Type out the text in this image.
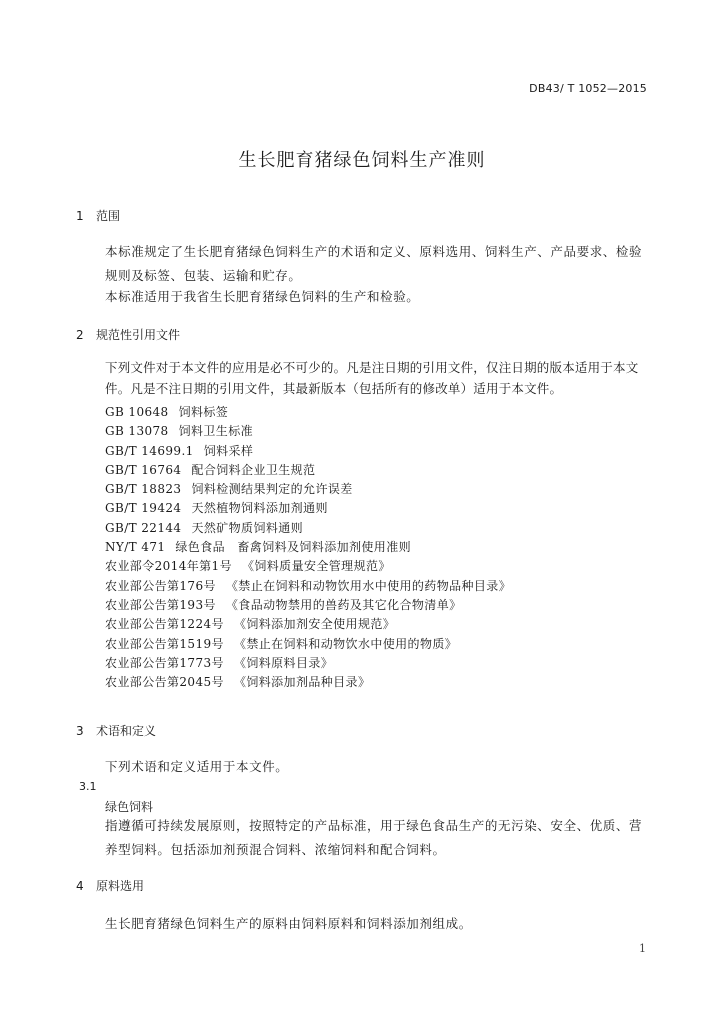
DB43/ T 1052—2015
生长肥育猪绿色饲料生产准则
1 范围
本标准规定了生长肥育猪绿色饲料生产的术语和定义、原料选用、饲料生产、产品要求、检验规则及标签、包装、运输和贮存。
本标准适用于我省生长肥育猪绿色饲料的生产和检验。
2 规范性引用文件
下列文件对于本文件的应用是必不可少的。凡是注日期的引用文件，仅注日期的版本适用于本文件。凡是不注日期的引用文件，其最新版本（包括所有的修改单）适用于本文件。
GB 10648 饲料标签
GB 13078 饲料卫生标准
GB/T 14699.1 饲料采样
GB/T 16764 配合饲料企业卫生规范
GB/T 18823 饲料检测结果判定的允许误差
GB/T 19424 天然植物饲料添加剂通则
GB/T 22144 天然矿物质饲料通则
NY/T 471 绿色食品　畜禽饲料及饲料添加剂使用准则
农业部令2014年第1号 《饲料质量安全管理规范》
农业部公告第176号 《禁止在饲料和动物饮用水中使用的药物品种目录》
农业部公告第193号 《食品动物禁用的兽药及其它化合物清单》
农业部公告第1224号 《饲料添加剂安全使用规范》
农业部公告第1519号 《禁止在饲料和动物饮水中使用的物质》
农业部公告第1773号 《饲料原料目录》
农业部公告第2045号 《饲料添加剂品种目录》
3 术语和定义
下列术语和定义适用于本文件。
3.1
绿色饲料
指遵循可持续发展原则，按照特定的产品标准，用于绿色食品生产的无污染、安全、优质、营养型饲料。包括添加剂预混合饲料、浓缩饲料和配合饲料。
4 原料选用
生长肥育猪绿色饲料生产的原料由饲料原料和饲料添加剂组成。
1
